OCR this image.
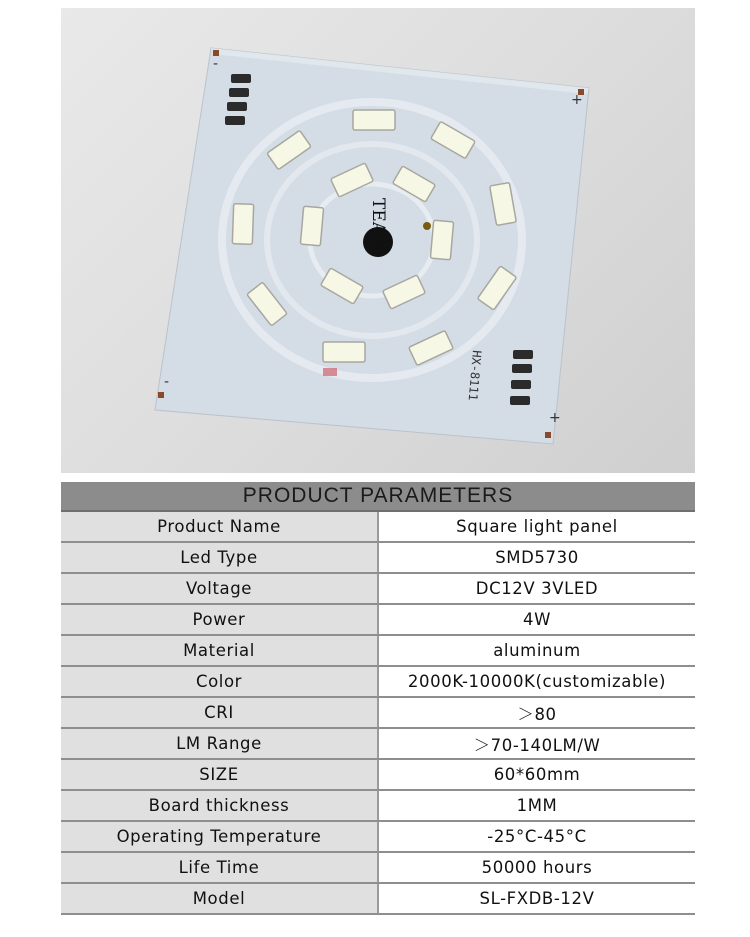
-
+
-
+
TEAM
HX-8111
PRODUCT PARAMETERS	
Product Name	Square light panel
Led Type	SMD5730
Voltage	DC12V 3VLED
Power	4W
Material	aluminum
Color	2000K-10000K(customizable)
CRI	＞80
LM Range	＞70-140LM/W
SIZE	60*60mm
Board thickness	1MM
Operating Temperature	-25°C-45°C
Life Time	50000 hours
Model	SL-FXDB-12V
